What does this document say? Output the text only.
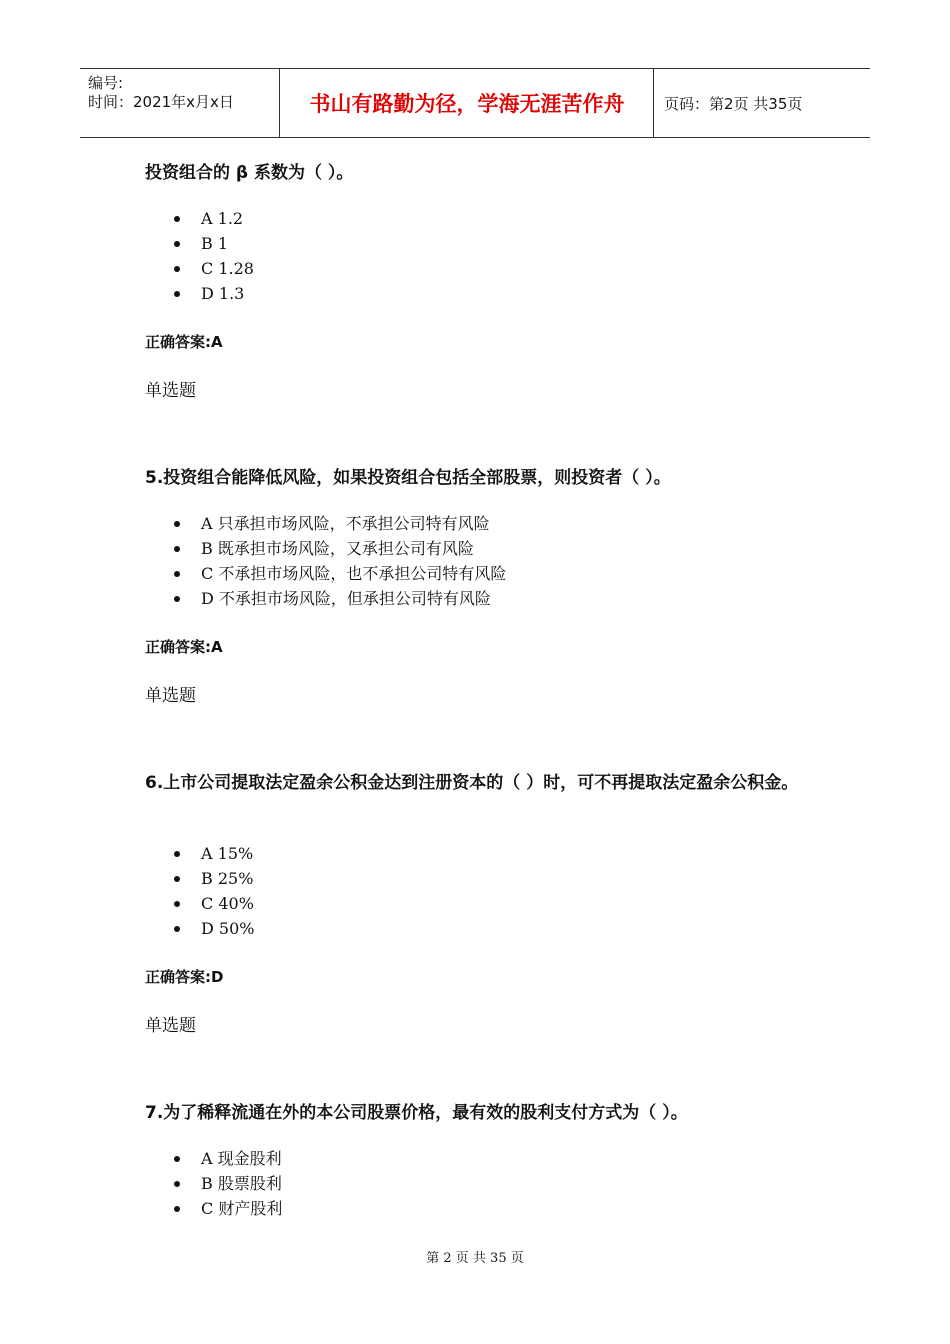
编号:
时间：2021年x月x日	书山有路勤为径，学海无涯苦作舟	页码：第2页 共35页
投资组合的 β 系数为（ ）。
A 1.2
B 1
C 1.28
D 1.3
正确答案:A
单选题
5.投资组合能降低风险，如果投资组合包括全部股票，则投资者（ ）。
A 只承担市场风险，不承担公司特有风险
B 既承担市场风险，又承担公司有风险
C 不承担市场风险，也不承担公司特有风险
D 不承担市场风险，但承担公司特有风险
正确答案:A
单选题
6.上市公司提取法定盈余公积金达到注册资本的（ ）时，可不再提取法定盈余公积金。
A 15%
B 25%
C 40%
D 50%
正确答案:D
单选题
7.为了稀释流通在外的本公司股票价格，最有效的股利支付方式为（ ）。
A 现金股利
B 股票股利
C 财产股利
第 2 页 共 35 页
